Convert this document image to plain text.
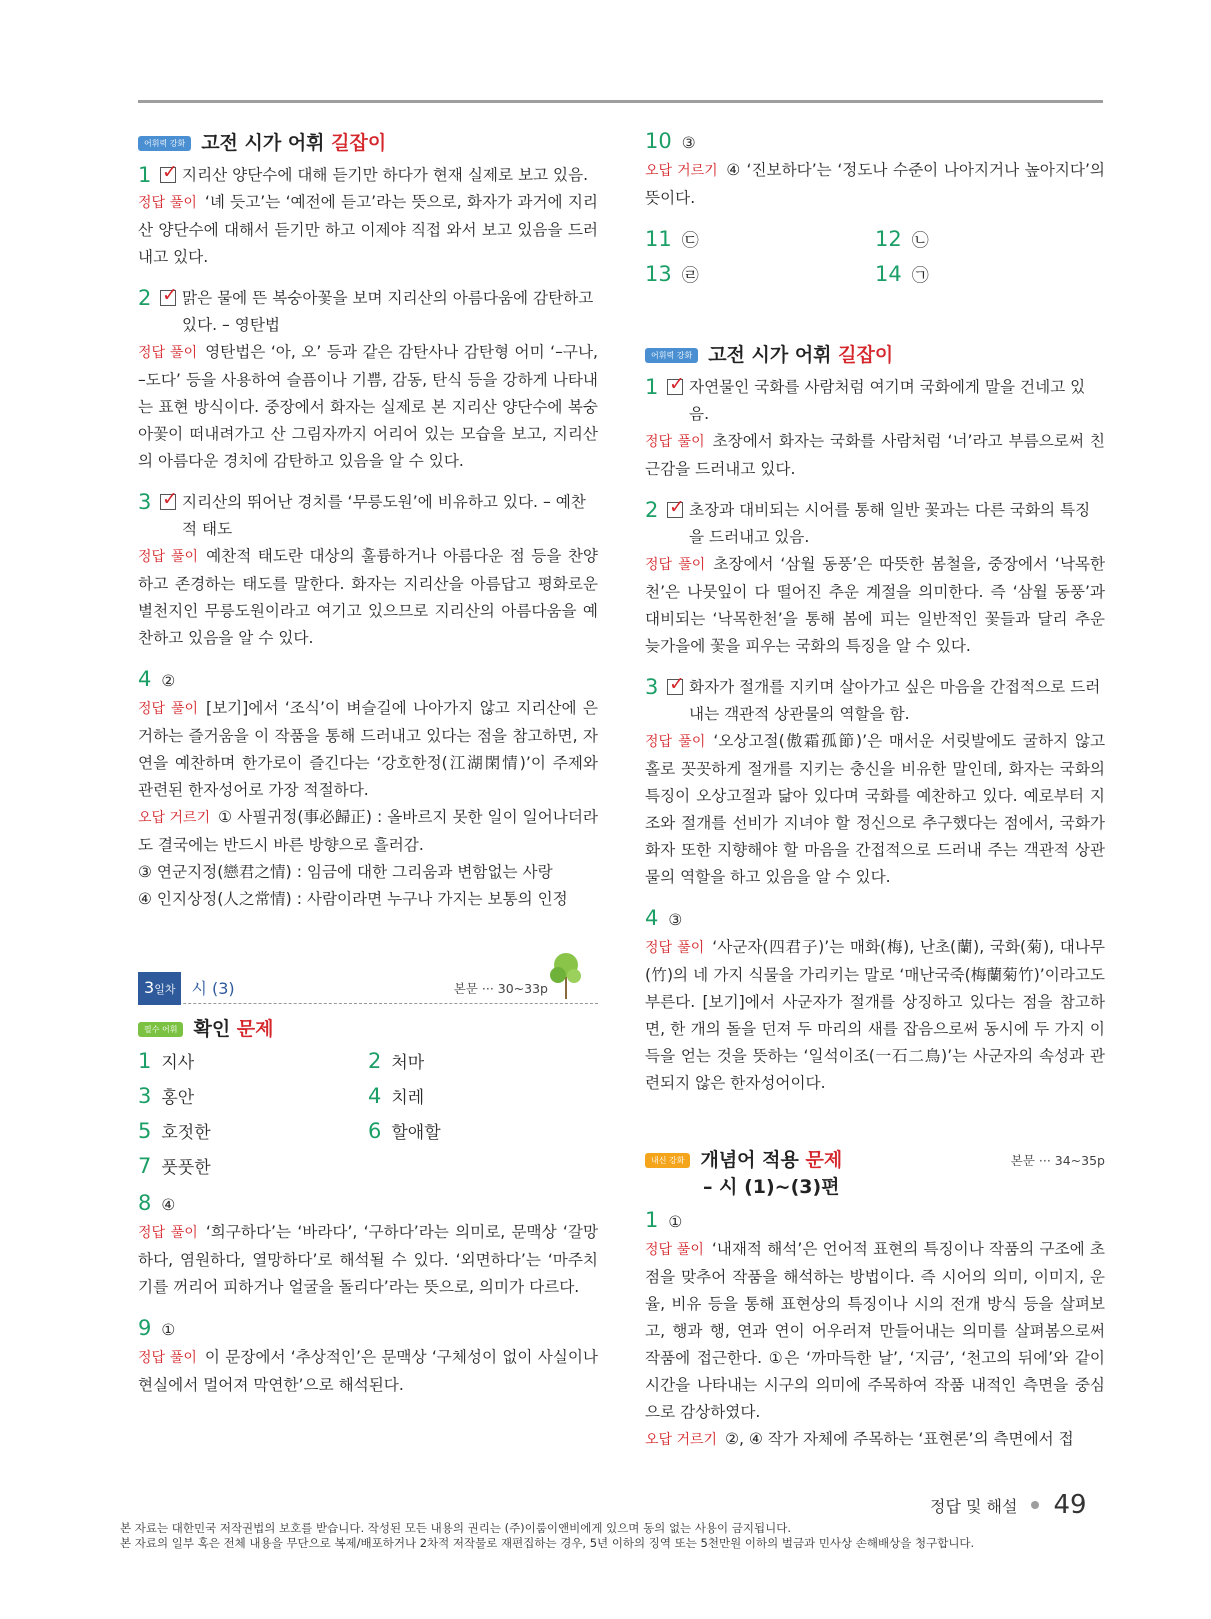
어휘력 강화 고전 시가 어휘 길잡이
1 ✓	지리산 양단수에 대해 듣기만 하다가 현재 실제로 보고 있음.
정답 풀이 ‘녜 듯고’는 ‘예전에 듣고’라는 뜻으로, 화자가 과거에 지리산 양단수에 대해서 듣기만 하고 이제야 직접 와서 보고 있음을 드러내고 있다.
2 ✓	맑은 물에 뜬 복숭아꽃을 보며 지리산의 아름다움에 감탄하고 있다. – 영탄법
정답 풀이 영탄법은 ‘아, 오’ 등과 같은 감탄사나 감탄형 어미 ‘–구나, –도다’ 등을 사용하여 슬픔이나 기쁨, 감동, 탄식 등을 강하게 나타내는 표현 방식이다. 중장에서 화자는 실제로 본 지리산 양단수에 복숭아꽃이 떠내려가고 산 그림자까지 어리어 있는 모습을 보고, 지리산의 아름다운 경치에 감탄하고 있음을 알 수 있다.
3 ✓	지리산의 뛰어난 경치를 ‘무릉도원’에 비유하고 있다. – 예찬적 태도
정답 풀이 예찬적 태도란 대상의 훌륭하거나 아름다운 점 등을 찬양하고 존경하는 태도를 말한다. 화자는 지리산을 아름답고 평화로운 별천지인 무릉도원이라고 여기고 있으므로 지리산의 아름다움을 예찬하고 있음을 알 수 있다.
4 ②
정답 풀이 [보기]에서 ‘조식’이 벼슬길에 나아가지 않고 지리산에 은거하는 즐거움을 이 작품을 통해 드러내고 있다는 점을 참고하면, 자연을 예찬하며 한가로이 즐긴다는 ‘강호한정(江湖閑情)’이 주제와 관련된 한자성어로 가장 적절하다.
오답 거르기 ① 사필귀정(事必歸正) : 올바르지 못한 일이 일어나더라도 결국에는 반드시 바른 방향으로 흘러감.
③ 연군지정(戀君之情) : 임금에 대한 그리움과 변함없는 사랑
④ 인지상정(人之常情) : 사람이라면 누구나 가지는 보통의 인정
3일차	시 (3)	본문 ··· 30~33p
필수 어휘 확인 문제
1 지사	2 처마
3 홍안	4 치레
5 호젓한	6 할애할
7 풋풋한
8 ④
정답 풀이 ‘희구하다’는 ‘바라다’, ‘구하다’라는 의미로, 문맥상 ‘갈망하다, 염원하다, 열망하다’로 해석될 수 있다. ‘외면하다’는 ‘마주치기를 꺼리어 피하거나 얼굴을 돌리다’라는 뜻으로, 의미가 다르다.
9 ①
정답 풀이 이 문장에서 ‘추상적인’은 문맥상 ‘구체성이 없이 사실이나 현실에서 멀어져 막연한’으로 해석된다.
10 ③
오답 거르기 ④ ‘진보하다’는 ‘정도나 수준이 나아지거나 높아지다’의 뜻이다.
11 ㉢	12 ㉡
13 ㉣	14 ㉠
어휘력 강화 고전 시가 어휘 길잡이
1 ✓	자연물인 국화를 사람처럼 여기며 국화에게 말을 건네고 있음.
정답 풀이 초장에서 화자는 국화를 사람처럼 ‘너’라고 부름으로써 친근감을 드러내고 있다.
2 ✓	초장과 대비되는 시어를 통해 일반 꽃과는 다른 국화의 특징을 드러내고 있음.
정답 풀이 초장에서 ‘삼월 동풍’은 따뜻한 봄철을, 중장에서 ‘낙목한천’은 나뭇잎이 다 떨어진 추운 계절을 의미한다. 즉 ‘삼월 동풍’과 대비되는 ‘낙목한천’을 통해 봄에 피는 일반적인 꽃들과 달리 추운 늦가을에 꽃을 피우는 국화의 특징을 알 수 있다.
3 ✓	화자가 절개를 지키며 살아가고 싶은 마음을 간접적으로 드러내는 객관적 상관물의 역할을 함.
정답 풀이 ‘오상고절(傲霜孤節)’은 매서운 서릿발에도 굴하지 않고 홀로 꼿꼿하게 절개를 지키는 충신을 비유한 말인데, 화자는 국화의 특징이 오상고절과 닮아 있다며 국화를 예찬하고 있다. 예로부터 지조와 절개를 선비가 지녀야 할 정신으로 추구했다는 점에서, 국화가 화자 또한 지향해야 할 마음을 간접적으로 드러내 주는 객관적 상관물의 역할을 하고 있음을 알 수 있다.
4 ③
정답 풀이 ‘사군자(四君子)’는 매화(梅), 난초(蘭), 국화(菊), 대나무(竹)의 네 가지 식물을 가리키는 말로 ‘매난국죽(梅蘭菊竹)’이라고도 부른다. [보기]에서 사군자가 절개를 상징하고 있다는 점을 참고하면, 한 개의 돌을 던져 두 마리의 새를 잡음으로써 동시에 두 가지 이득을 얻는 것을 뜻하는 ‘일석이조(一石二鳥)’는 사군자의 속성과 관련되지 않은 한자성어이다.
내신 강화 개념어 적용 문제	본문 ··· 34~35p
– 시 (1)~(3)편
1 ①
정답 풀이 ‘내재적 해석’은 언어적 표현의 특징이나 작품의 구조에 초점을 맞추어 작품을 해석하는 방법이다. 즉 시어의 의미, 이미지, 운율, 비유 등을 통해 표현상의 특징이나 시의 전개 방식 등을 살펴보고, 행과 행, 연과 연이 어우러져 만들어내는 의미를 살펴봄으로써 작품에 접근한다. ①은 ‘까마득한 날’, ‘지금’, ‘천고의 뒤에’와 같이 시간을 나타내는 시구의 의미에 주목하여 작품 내적인 측면을 중심으로 감상하였다.
오답 거르기 ②, ④ 작가 자체에 주목하는 ‘표현론’의 측면에서 접
정답 및 해설 49
본 자료는 대한민국 저작권법의 보호를 받습니다. 작성된 모든 내용의 권리는 (주)이룸이앤비에게 있으며 동의 없는 사용이 금지됩니다.
본 자료의 일부 혹은 전체 내용을 무단으로 복제/배포하거나 2차적 저작물로 재편집하는 경우, 5년 이하의 징역 또는 5천만원 이하의 벌금과 민사상 손해배상을 청구합니다.
